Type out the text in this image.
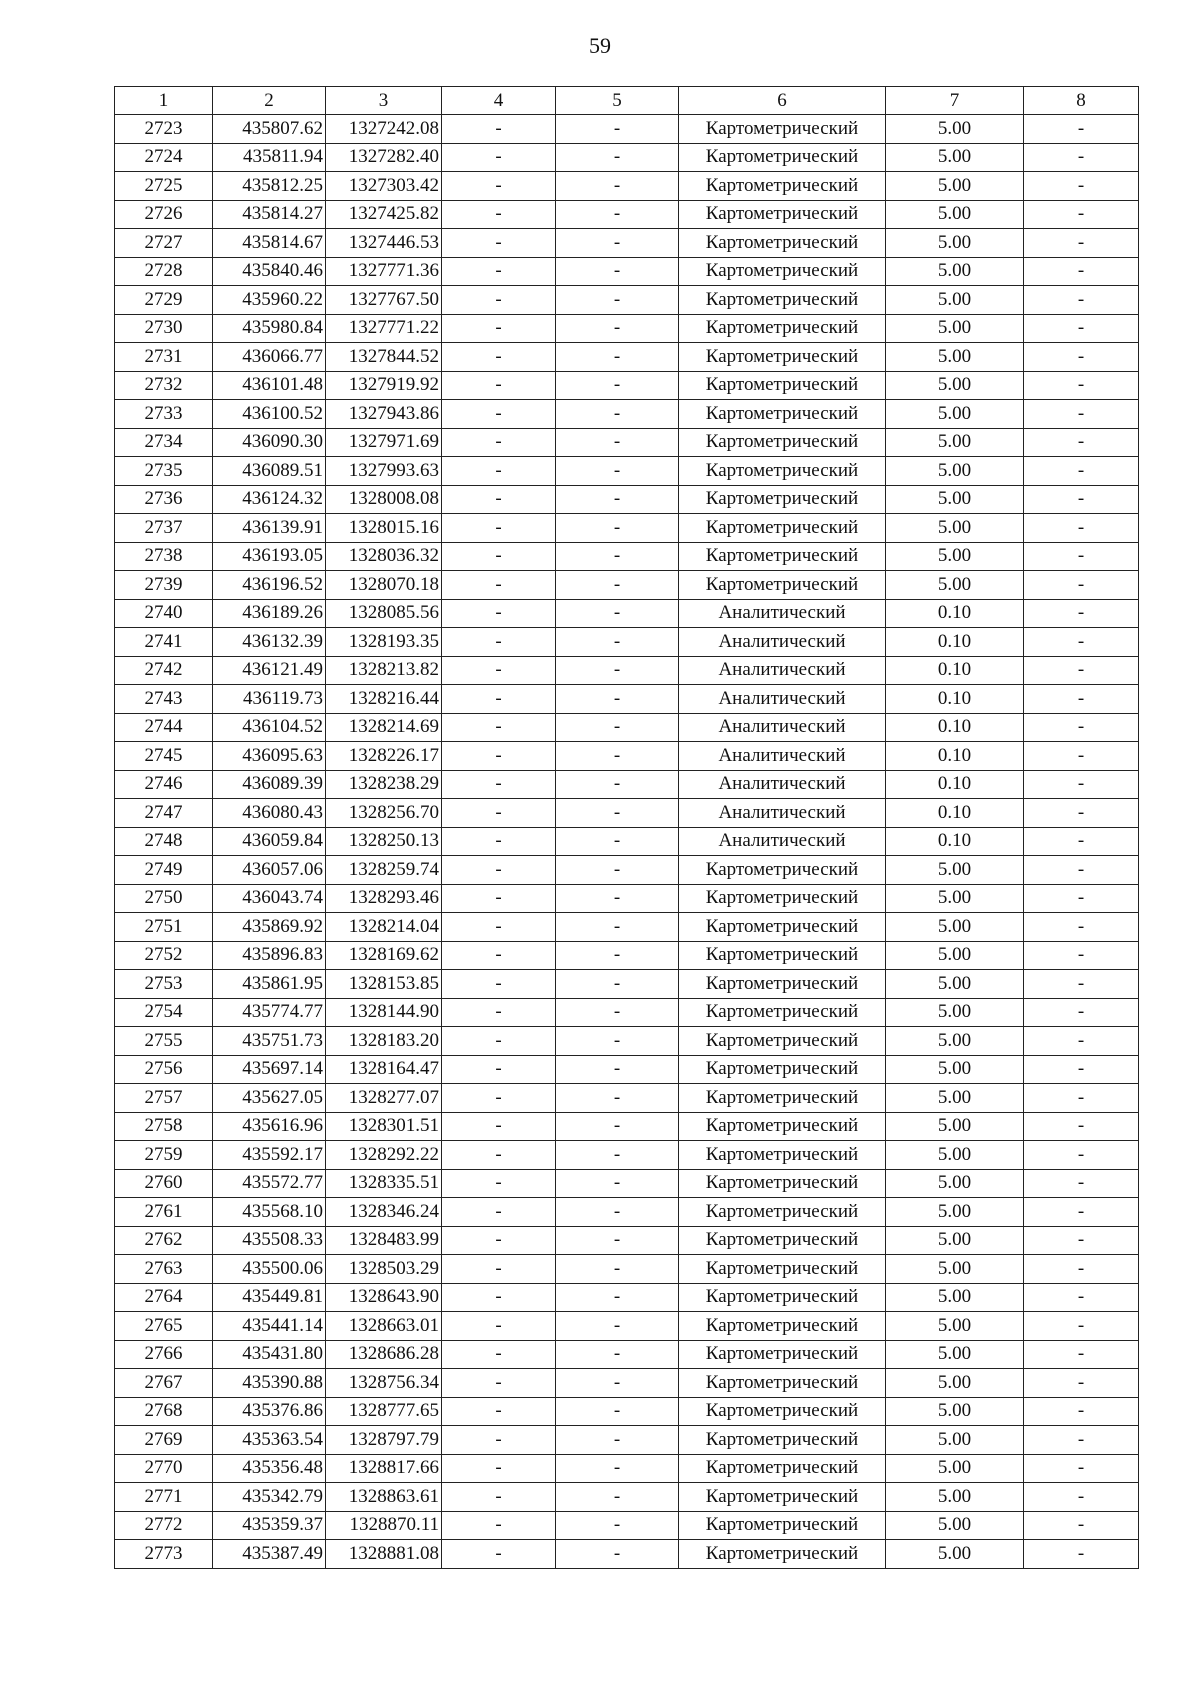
59
1	2	3	4	5	6	7	8
2723	435807.62	1327242.08	-	-	Картометрический	5.00	-
2724	435811.94	1327282.40	-	-	Картометрический	5.00	-
2725	435812.25	1327303.42	-	-	Картометрический	5.00	-
2726	435814.27	1327425.82	-	-	Картометрический	5.00	-
2727	435814.67	1327446.53	-	-	Картометрический	5.00	-
2728	435840.46	1327771.36	-	-	Картометрический	5.00	-
2729	435960.22	1327767.50	-	-	Картометрический	5.00	-
2730	435980.84	1327771.22	-	-	Картометрический	5.00	-
2731	436066.77	1327844.52	-	-	Картометрический	5.00	-
2732	436101.48	1327919.92	-	-	Картометрический	5.00	-
2733	436100.52	1327943.86	-	-	Картометрический	5.00	-
2734	436090.30	1327971.69	-	-	Картометрический	5.00	-
2735	436089.51	1327993.63	-	-	Картометрический	5.00	-
2736	436124.32	1328008.08	-	-	Картометрический	5.00	-
2737	436139.91	1328015.16	-	-	Картометрический	5.00	-
2738	436193.05	1328036.32	-	-	Картометрический	5.00	-
2739	436196.52	1328070.18	-	-	Картометрический	5.00	-
2740	436189.26	1328085.56	-	-	Аналитический	0.10	-
2741	436132.39	1328193.35	-	-	Аналитический	0.10	-
2742	436121.49	1328213.82	-	-	Аналитический	0.10	-
2743	436119.73	1328216.44	-	-	Аналитический	0.10	-
2744	436104.52	1328214.69	-	-	Аналитический	0.10	-
2745	436095.63	1328226.17	-	-	Аналитический	0.10	-
2746	436089.39	1328238.29	-	-	Аналитический	0.10	-
2747	436080.43	1328256.70	-	-	Аналитический	0.10	-
2748	436059.84	1328250.13	-	-	Аналитический	0.10	-
2749	436057.06	1328259.74	-	-	Картометрический	5.00	-
2750	436043.74	1328293.46	-	-	Картометрический	5.00	-
2751	435869.92	1328214.04	-	-	Картометрический	5.00	-
2752	435896.83	1328169.62	-	-	Картометрический	5.00	-
2753	435861.95	1328153.85	-	-	Картометрический	5.00	-
2754	435774.77	1328144.90	-	-	Картометрический	5.00	-
2755	435751.73	1328183.20	-	-	Картометрический	5.00	-
2756	435697.14	1328164.47	-	-	Картометрический	5.00	-
2757	435627.05	1328277.07	-	-	Картометрический	5.00	-
2758	435616.96	1328301.51	-	-	Картометрический	5.00	-
2759	435592.17	1328292.22	-	-	Картометрический	5.00	-
2760	435572.77	1328335.51	-	-	Картометрический	5.00	-
2761	435568.10	1328346.24	-	-	Картометрический	5.00	-
2762	435508.33	1328483.99	-	-	Картометрический	5.00	-
2763	435500.06	1328503.29	-	-	Картометрический	5.00	-
2764	435449.81	1328643.90	-	-	Картометрический	5.00	-
2765	435441.14	1328663.01	-	-	Картометрический	5.00	-
2766	435431.80	1328686.28	-	-	Картометрический	5.00	-
2767	435390.88	1328756.34	-	-	Картометрический	5.00	-
2768	435376.86	1328777.65	-	-	Картометрический	5.00	-
2769	435363.54	1328797.79	-	-	Картометрический	5.00	-
2770	435356.48	1328817.66	-	-	Картометрический	5.00	-
2771	435342.79	1328863.61	-	-	Картометрический	5.00	-
2772	435359.37	1328870.11	-	-	Картометрический	5.00	-
2773	435387.49	1328881.08	-	-	Картометрический	5.00	-
